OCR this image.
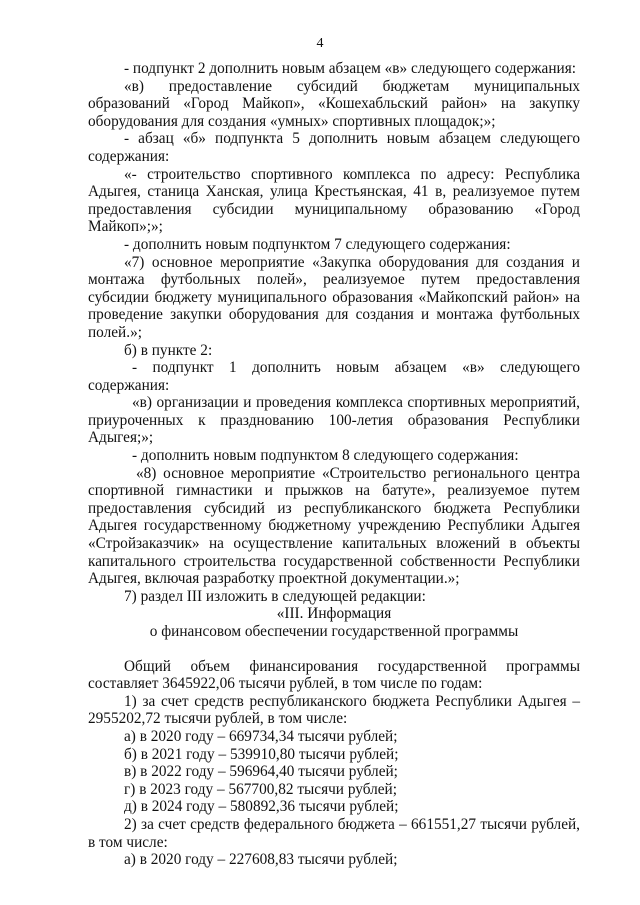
4
- подпункт 2 дополнить новым абзацем «в» следующего содержания:
«в) предоставление субсидий бюджетам муниципальных образований «Город Майкоп», «Кошехабльский район» на закупку оборудования для создания «умных» спортивных площадок;»;
- абзац «б» подпункта 5 дополнить новым абзацем следующего содержания:
«- строительство спортивного комплекса по адресу: Республика Адыгея, станица Ханская, улица Крестьянская, 41 в, реализуемое путем предоставления субсидии муниципальному образованию «Город Майкоп»;»;
- дополнить новым подпунктом 7 следующего содержания:
«7) основное мероприятие «Закупка оборудования для создания и монтажа футбольных полей», реализуемое путем предоставления субсидии бюджету муниципального образования «Майкопский район» на проведение закупки оборудования для создания и монтажа футбольных полей.»;
б) в пункте 2:
- подпункт 1 дополнить новым абзацем «в» следующего содержания:
«в) организации и проведения комплекса спортивных мероприятий, приуроченных к празднованию 100-летия образования Республики Адыгея;»;
- дополнить новым подпунктом 8 следующего содержания:
«8) основное мероприятие «Строительство регионального центра спортивной гимнастики и прыжков на батуте», реализуемое путем предоставления субсидий из республиканского бюджета Республики Адыгея государственному бюджетному учреждению Республики Адыгея «Стройзаказчик» на осуществление капитальных вложений в объекты капитального строительства государственной собственности Республики Адыгея, включая разработку проектной документации.»;
7) раздел III изложить в следующей редакции:
«III. Информация
о финансовом обеспечении государственной программы
Общий объем финансирования государственной программы составляет 3645922,06 тысячи рублей, в том числе по годам:
1) за счет средств республиканского бюджета Республики Адыгея – 2955202,72 тысячи рублей, в том числе:
а) в 2020 году – 669734,34 тысячи рублей;
б) в 2021 году – 539910,80 тысячи рублей;
в) в 2022 году – 596964,40 тысячи рублей;
г) в 2023 году – 567700,82 тысячи рублей;
д) в 2024 году – 580892,36 тысячи рублей;
2) за счет средств федерального бюджета – 661551,27 тысячи рублей, в том числе:
а) в 2020 году – 227608,83 тысячи рублей;
